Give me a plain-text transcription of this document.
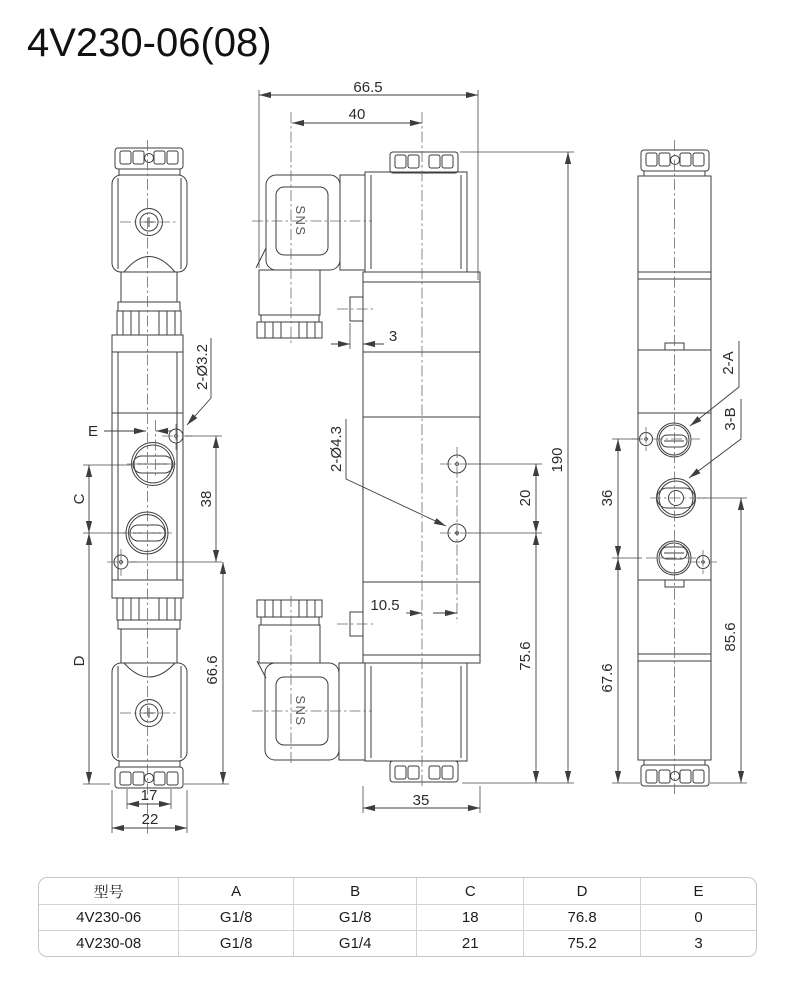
4V230-06(08)
E
2-Ø3.2
38
C
D	66.6
17
22
SNS
SNS
66.5
40
3
2-Ø4.3
20
190
75.6
10.5
35
2-A
3-B
36
67.6
85.6
型号	A	B	C	D	E
4V230-06	G1/8	G1/8	18	76.8	0
4V230-08	G1/8	G1/4	21	75.2	3
